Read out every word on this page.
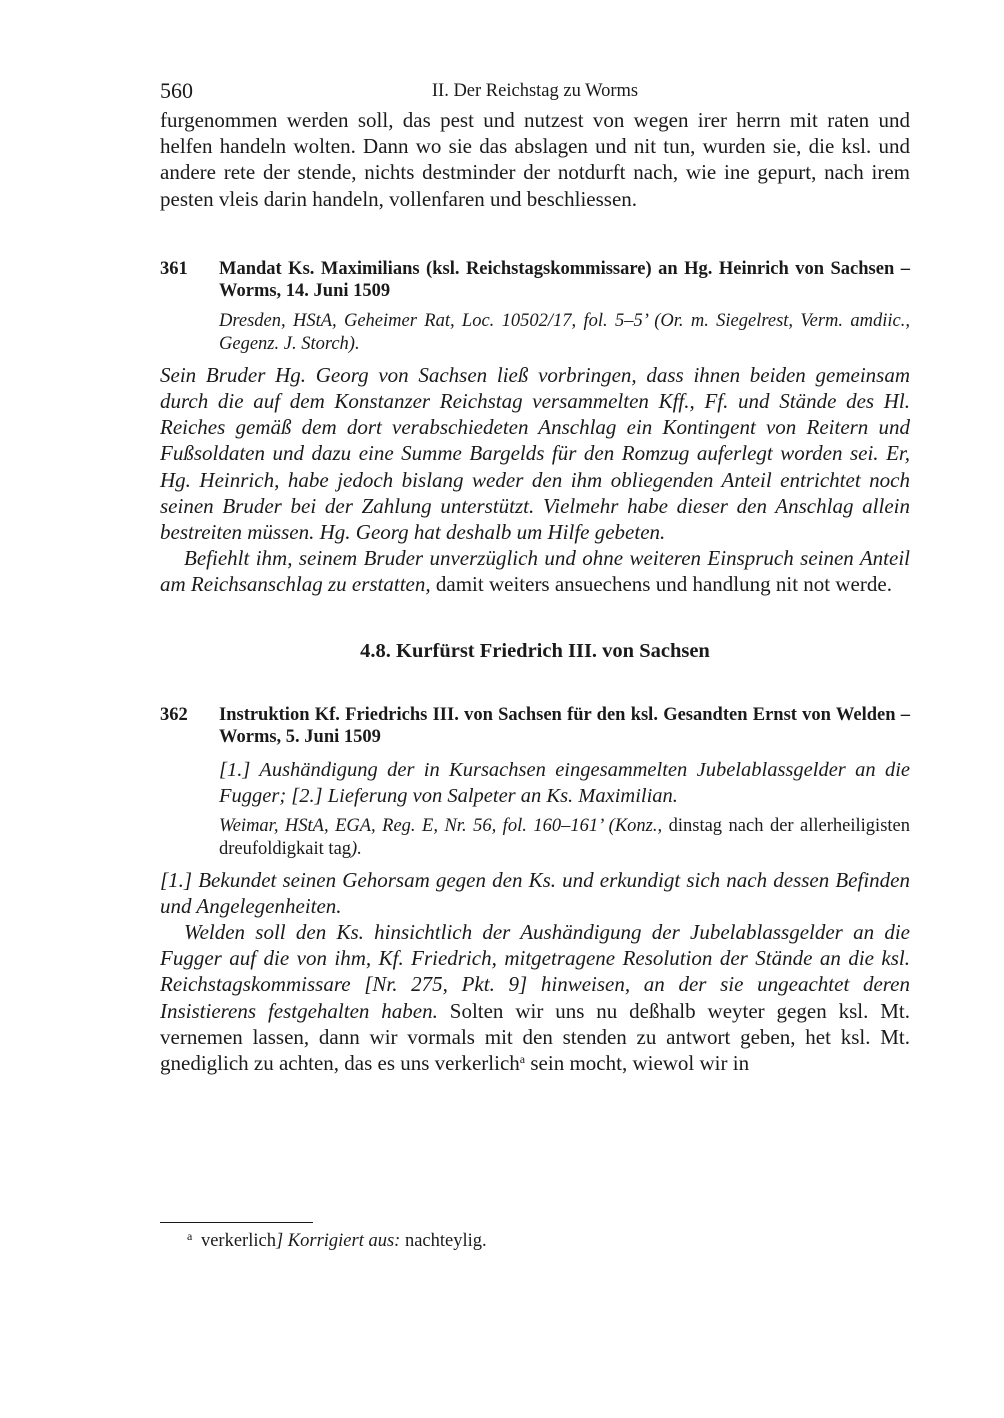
560	II. Der Reichstag zu Worms

furgenommen werden soll, das pest und nutzest von wegen irer herrn mit raten und helfen handeln wolten. Dann wo sie das abslagen und nit tun, wurden sie, die ksl. und andere rete der stende, nichts destminder der notdurft nach, wie ine gepurt, nach irem pesten vleis darin handeln, vollenfaren und beschliessen.

361 Mandat Ks. Maximilians (ksl. Reichstagskommissare) an Hg. Heinrich von Sachsen – Worms, 14. Juni 1509

Dresden, HStA, Geheimer Rat, Loc. 10502/17, fol. 5–5’ (Or. m. Siegelrest, Verm. amdiic., Gegenz. J. Storch).

Sein Bruder Hg. Georg von Sachsen ließ vorbringen, dass ihnen beiden gemeinsam durch die auf dem Konstanzer Reichstag versammelten Kff., Ff. und Stände des Hl. Reiches gemäß dem dort verabschiedeten Anschlag ein Kontingent von Reitern und Fußsoldaten und dazu eine Summe Bargelds für den Romzug auferlegt worden sei. Er, Hg. Heinrich, habe jedoch bislang weder den ihm obliegenden Anteil entrichtet noch seinen Bruder bei der Zahlung unterstützt. Vielmehr habe dieser den Anschlag allein bestreiten müssen. Hg. Georg hat deshalb um Hilfe gebeten.

Befiehlt ihm, seinem Bruder unverzüglich und ohne weiteren Einspruch seinen Anteil am Reichsanschlag zu erstatten, damit weiters ansuechens und handlung nit not werde.

4.8. Kurfürst Friedrich III. von Sachsen
362 Instruktion Kf. Friedrichs III. von Sachsen für den ksl. Gesandten Ernst von Welden – Worms, 5. Juni 1509

[1.] Aushändigung der in Kursachsen eingesammelten Jubelablassgelder an die Fugger; [2.] Lieferung von Salpeter an Ks. Maximilian.

Weimar, HStA, EGA, Reg. E, Nr. 56, fol. 160–161’ (Konz., dinstag nach der allerheiligisten dreufoldigkait tag).

[1.] Bekundet seinen Gehorsam gegen den Ks. und erkundigt sich nach dessen Befinden und Angelegenheiten.

Welden soll den Ks. hinsichtlich der Aushändigung der Jubelablassgelder an die Fugger auf die von ihm, Kf. Friedrich, mitgetragene Resolution der Stände an die ksl. Reichstagskommissare [Nr. 275, Pkt. 9] hinweisen, an der sie ungeachtet deren Insistierens festgehalten haben. Solten wir uns nu deßhalb weyter gegen ksl. Mt. vernemen lassen, dann wir vormals mit den stenden zu antwort geben, het ksl. Mt. gnediglich zu achten, das es uns verkerlich$^a$ sein mocht, wiewol wir in

$^a$ verkerlich] Korrigiert aus: nachteylig.
